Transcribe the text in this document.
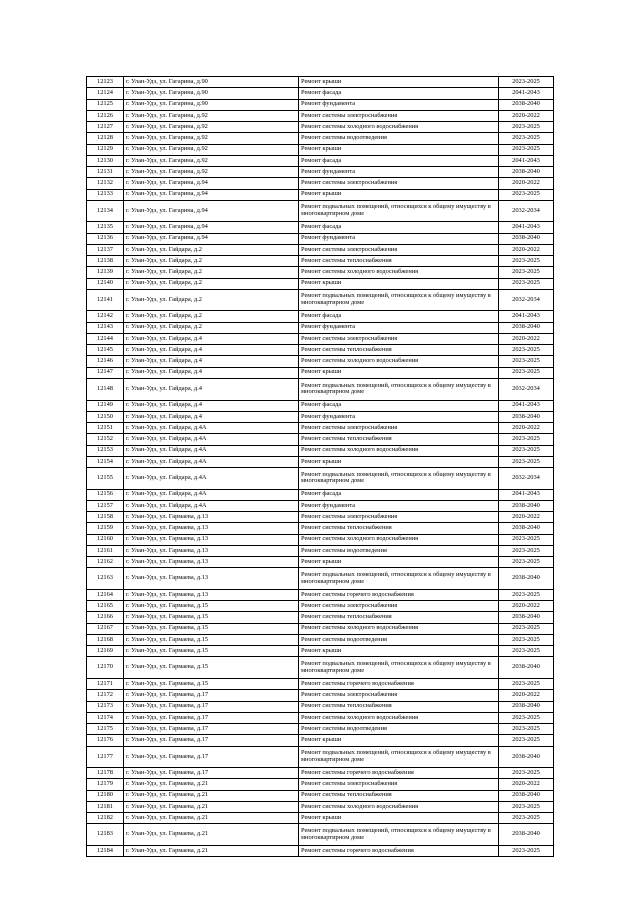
12123	г. Улан-Удэ, ул. Гагарина, д.90	Ремонт крыши	2023-2025
12124	г. Улан-Удэ, ул. Гагарина, д.90	Ремонт фасада	2041-2043
12125	г. Улан-Удэ, ул. Гагарина, д.90	Ремонт фундамента	2038-2040
12126	г. Улан-Удэ, ул. Гагарина, д.92	Ремонт системы электроснабжения	2020-2022
12127	г. Улан-Удэ, ул. Гагарина, д.92	Ремонт системы холодного водоснабжения	2023-2025
12128	г. Улан-Удэ, ул. Гагарина, д.92	Ремонт системы водоотведения	2023-2025
12129	г. Улан-Удэ, ул. Гагарина, д.92	Ремонт крыши	2023-2025
12130	г. Улан-Удэ, ул. Гагарина, д.92	Ремонт фасада	2041-2043
12131	г. Улан-Удэ, ул. Гагарина, д.92	Ремонт фундамента	2038-2040
12132	г. Улан-Удэ, ул. Гагарина, д.94	Ремонт системы электроснабжения	2020-2022
12133	г. Улан-Удэ, ул. Гагарина, д.94	Ремонт крыши	2023-2025
12134	г. Улан-Удэ, ул. Гагарина, д.94	Ремонт подвальных помещений, относящихся к общему имуществу в многоквартирном доме	2032-2034
12135	г. Улан-Удэ, ул. Гагарина, д.94	Ремонт фасада	2041-2043
12136	г. Улан-Удэ, ул. Гагарина, д.94	Ремонт фундамента	2038-2040
12137	г. Улан-Удэ, ул. Гайдара, д.2	Ремонт системы электроснабжения	2020-2022
12138	г. Улан-Удэ, ул. Гайдара, д.2	Ремонт системы теплоснабжения	2023-2025
12139	г. Улан-Удэ, ул. Гайдара, д.2	Ремонт системы холодного водоснабжения	2023-2025
12140	г. Улан-Удэ, ул. Гайдара, д.2	Ремонт крыши	2023-2025
12141	г. Улан-Удэ, ул. Гайдара, д.2	Ремонт подвальных помещений, относящихся к общему имуществу в многоквартирном доме	2032-2034
12142	г. Улан-Удэ, ул. Гайдара, д.2	Ремонт фасада	2041-2043
12143	г. Улан-Удэ, ул. Гайдара, д.2	Ремонт фундамента	2038-2040
12144	г. Улан-Удэ, ул. Гайдара, д.4	Ремонт системы электроснабжения	2020-2022
12145	г. Улан-Удэ, ул. Гайдара, д.4	Ремонт системы теплоснабжения	2023-2025
12146	г. Улан-Удэ, ул. Гайдара, д.4	Ремонт системы холодного водоснабжения	2023-2025
12147	г. Улан-Удэ, ул. Гайдара, д.4	Ремонт крыши	2023-2025
12148	г. Улан-Удэ, ул. Гайдара, д.4	Ремонт подвальных помещений, относящихся к общему имуществу в многоквартирном доме	2032-2034
12149	г. Улан-Удэ, ул. Гайдара, д.4	Ремонт фасада	2041-2043
12150	г. Улан-Удэ, ул. Гайдара, д.4	Ремонт фундамента	2038-2040
12151	г. Улан-Удэ, ул. Гайдара, д.4А	Ремонт системы электроснабжения	2020-2022
12152	г. Улан-Удэ, ул. Гайдара, д.4А	Ремонт системы теплоснабжения	2023-2025
12153	г. Улан-Удэ, ул. Гайдара, д.4А	Ремонт системы холодного водоснабжения	2023-2025
12154	г. Улан-Удэ, ул. Гайдара, д.4А	Ремонт крыши	2023-2025
12155	г. Улан-Удэ, ул. Гайдара, д.4А	Ремонт подвальных помещений, относящихся к общему имуществу в многоквартирном доме	2032-2034
12156	г. Улан-Удэ, ул. Гайдара, д.4А	Ремонт фасада	2041-2043
12157	г. Улан-Удэ, ул. Гайдара, д.4А	Ремонт фундамента	2038-2040
12158	г. Улан-Удэ, ул. Гармаева, д.13	Ремонт системы электроснабжения	2020-2022
12159	г. Улан-Удэ, ул. Гармаева, д.13	Ремонт системы теплоснабжения	2038-2040
12160	г. Улан-Удэ, ул. Гармаева, д.13	Ремонт системы холодного водоснабжения	2023-2025
12161	г. Улан-Удэ, ул. Гармаева, д.13	Ремонт системы водоотведения	2023-2025
12162	г. Улан-Удэ, ул. Гармаева, д.13	Ремонт крыши	2023-2025
12163	г. Улан-Удэ, ул. Гармаева, д.13	Ремонт подвальных помещений, относящихся к общему имуществу в многоквартирном доме	2038-2040
12164	г. Улан-Удэ, ул. Гармаева, д.13	Ремонт системы горячего водоснабжения	2023-2025
12165	г. Улан-Удэ, ул. Гармаева, д.15	Ремонт системы электроснабжения	2020-2022
12166	г. Улан-Удэ, ул. Гармаева, д.15	Ремонт системы теплоснабжения	2038-2040
12167	г. Улан-Удэ, ул. Гармаева, д.15	Ремонт системы холодного водоснабжения	2023-2025
12168	г. Улан-Удэ, ул. Гармаева, д.15	Ремонт системы водоотведения	2023-2025
12169	г. Улан-Удэ, ул. Гармаева, д.15	Ремонт крыши	2023-2025
12170	г. Улан-Удэ, ул. Гармаева, д.15	Ремонт подвальных помещений, относящихся к общему имуществу в многоквартирном доме	2038-2040
12171	г. Улан-Удэ, ул. Гармаева, д.15	Ремонт системы горячего водоснабжения	2023-2025
12172	г. Улан-Удэ, ул. Гармаева, д.17	Ремонт системы электроснабжения	2020-2022
12173	г. Улан-Удэ, ул. Гармаева, д.17	Ремонт системы теплоснабжения	2038-2040
12174	г. Улан-Удэ, ул. Гармаева, д.17	Ремонт системы холодного водоснабжения	2023-2025
12175	г. Улан-Удэ, ул. Гармаева, д.17	Ремонт системы водоотведения	2023-2025
12176	г. Улан-Удэ, ул. Гармаева, д.17	Ремонт крыши	2023-2025
12177	г. Улан-Удэ, ул. Гармаева, д.17	Ремонт подвальных помещений, относящихся к общему имуществу в многоквартирном доме	2038-2040
12178	г. Улан-Удэ, ул. Гармаева, д.17	Ремонт системы горячего водоснабжения	2023-2025
12179	г. Улан-Удэ, ул. Гармаева, д.21	Ремонт системы электроснабжения	2020-2022
12180	г. Улан-Удэ, ул. Гармаева, д.21	Ремонт системы теплоснабжения	2038-2040
12181	г. Улан-Удэ, ул. Гармаева, д.21	Ремонт системы холодного водоснабжения	2023-2025
12182	г. Улан-Удэ, ул. Гармаева, д.21	Ремонт крыши	2023-2025
12183	г. Улан-Удэ, ул. Гармаева, д.21	Ремонт подвальных помещений, относящихся к общему имуществу в многоквартирном доме	2038-2040
12184	г. Улан-Удэ, ул. Гармаева, д.21	Ремонт системы горячего водоснабжения	2023-2025
